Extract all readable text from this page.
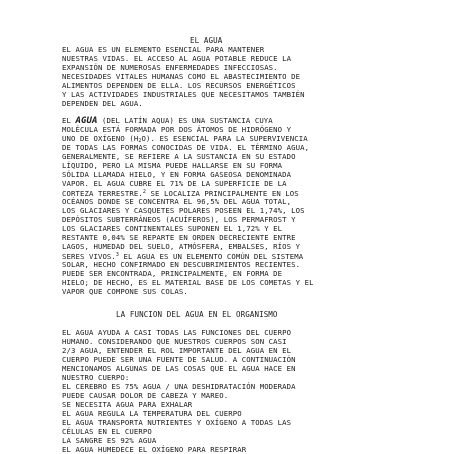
EL AGUA
EL AGUA ES UN ELEMENTO ESENCIAL PARA MANTENER
NUESTRAS VIDAS. EL ACCESO AL AGUA POTABLE REDUCE LA
EXPANSIÓN DE NUMEROSAS ENFERMEDADES INFECCIOSAS.
NECESIDADES VITALES HUMANAS COMO EL ABASTECIMIENTO DE
ALIMENTOS DEPENDEN DE ELLA. LOS RECURSOS ENERGÉTICOS
Y LAS ACTIVIDADES INDUSTRIALES QUE NECESITAMOS TAMBIÉN
DEPENDEN DEL AGUA.
EL AGUA (DEL LATÍN AQUA) ES UNA SUSTANCIA CUYA
MOLÉCULA ESTÁ FORMADA POR DOS ÁTOMOS DE HIDRÓGENO Y
UNO DE OXÍGENO $(H_2O)$. ES ESENCIAL PARA LA SUPERVIVENCIA
DE TODAS LAS FORMAS CONOCIDAS DE VIDA. EL TÉRMINO AGUA,
GENERALMENTE, SE REFIERE A LA SUSTANCIA EN SU ESTADO
LÍQUIDO, PERO LA MISMA PUEDE HALLARSE EN SU FORMA
SÓLIDA LLAMADA HIELO, Y EN FORMA GASEOSA DENOMINADA
VAPOR. EL AGUA CUBRE EL 71% DE LA SUPERFICIE DE LA
CORTEZA TERRESTRE.$^2$ SE LOCALIZA PRINCIPALMENTE EN LOS
OCÉANOS DONDE SE CONCENTRA EL 96,5% DEL AGUA TOTAL,
LOS GLACIARES Y CASQUETES POLARES POSEEN EL 1,74%, LOS
DEPÓSITOS SUBTERRÁNEOS (ACUÍFEROS), LOS PERMAFROST Y
LOS GLACIARES CONTINENTALES SUPONEN EL 1,72% Y EL
RESTANTE 0,04% SE REPARTE EN ORDEN DECRECIENTE ENTRE
LAGOS, HUMEDAD DEL SUELO, ATMÓSFERA, EMBALSES, RÍOS Y
SERES VIVOS.$^3$ EL AGUA ES UN ELEMENTO COMÚN DEL SISTEMA
SOLAR, HECHO CONFIRMADO EN DESCUBRIMIENTOS RECIENTES.
PUEDE SER ENCONTRADA, PRINCIPALMENTE, EN FORMA DE
HIELO; DE HECHO, ES EL MATERIAL BASE DE LOS COMETAS Y EL
VAPOR QUE COMPONE SUS COLAS.
LA FUNCION DEL AGUA EN EL ORGANISMO
EL AGUA AYUDA A CASI TODAS LAS FUNCIONES DEL CUERPO
HUMANO. CONSIDERANDO QUE NUESTROS CUERPOS SON CASI
2/3 AGUA, ENTENDER EL ROL IMPORTANTE DEL AGUA EN EL
CUERPO PUEDE SER UNA FUENTE DE SALUD. A CONTINUACIÓN
MENCIONAMOS ALGUNAS DE LAS COSAS QUE EL AGUA HACE EN
NUESTRO CUERPO:
EL CEREBRO ES 75% AGUA / UNA DESHIDRATACIÓN MODERADA
PUEDE CAUSAR DOLOR DE CABEZA Y MAREO.
SE NECESITA AGUA PARA EXHALAR
EL AGUA REGULA LA TEMPERATURA DEL CUERPO
EL AGUA TRANSPORTA NUTRIENTES Y OXÍGENO A TODAS LAS
CÉLULAS EN EL CUERPO
LA SANGRE ES 92% AGUA
EL AGUA HUMEDECE EL OXÍGENO PARA RESPIRAR
